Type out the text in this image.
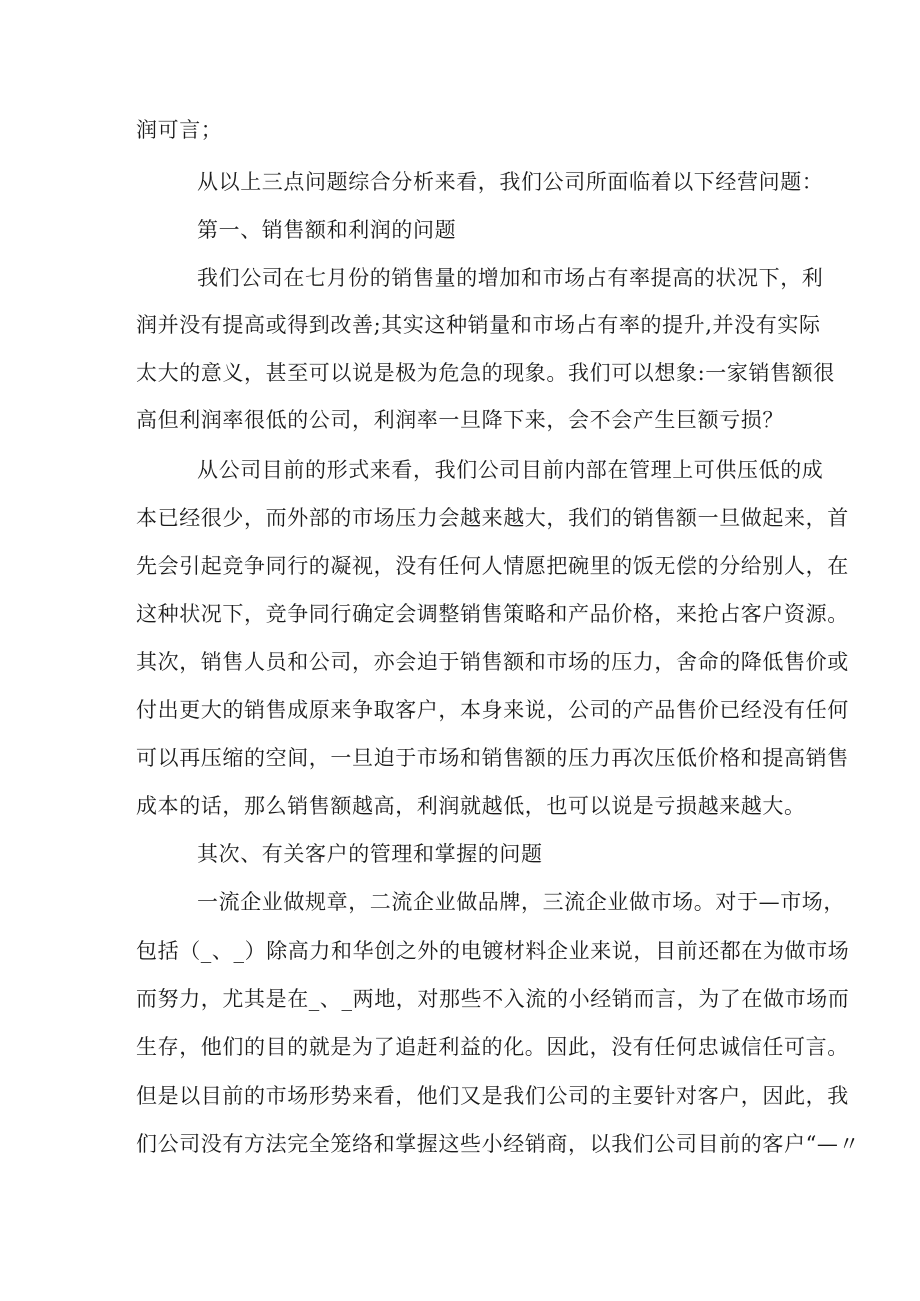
润可言；
从以上三点问题综合分析来看，我们公司所面临着以下经营问题：
第一、销售额和利润的问题
我们公司在七月份的销售量的增加和市场占有率提高的状况下，利
润并没有提高或得到改善;其实这种销量和市场占有率的提升,并没有实际
太大的意义，甚至可以说是极为危急的现象。我们可以想象:一家销售额很
高但利润率很低的公司，利润率一旦降下来，会不会产生巨额亏损？
从公司目前的形式来看，我们公司目前内部在管理上可供压低的成
本已经很少，而外部的市场压力会越来越大，我们的销售额一旦做起来，首
先会引起竞争同行的凝视，没有任何人情愿把碗里的饭无偿的分给别人，在
这种状况下，竞争同行确定会调整销售策略和产品价格，来抢占客户资源。
其次，销售人员和公司，亦会迫于销售额和市场的压力，舍命的降低售价或
付出更大的销售成原来争取客户，本身来说，公司的产品售价已经没有任何
可以再压缩的空间，一旦迫于市场和销售额的压力再次压低价格和提高销售
成本的话，那么销售额越高，利润就越低，也可以说是亏损越来越大。
其次、有关客户的管理和掌握的问题
一流企业做规章，二流企业做品牌，三流企业做市场。对于—市场，
包括（_、_）除高力和华创之外的电镀材料企业来说，目前还都在为做市场
而努力，尤其是在_、_两地，对那些不入流的小经销而言，为了在做市场而
生存，他们的目的就是为了追赶利益的化。因此，没有任何忠诚信任可言。
但是以目前的市场形势来看，他们又是我们公司的主要针对客户，因此，我
们公司没有方法完全笼络和掌握这些小经销商，以我们公司目前的客户“—〃
